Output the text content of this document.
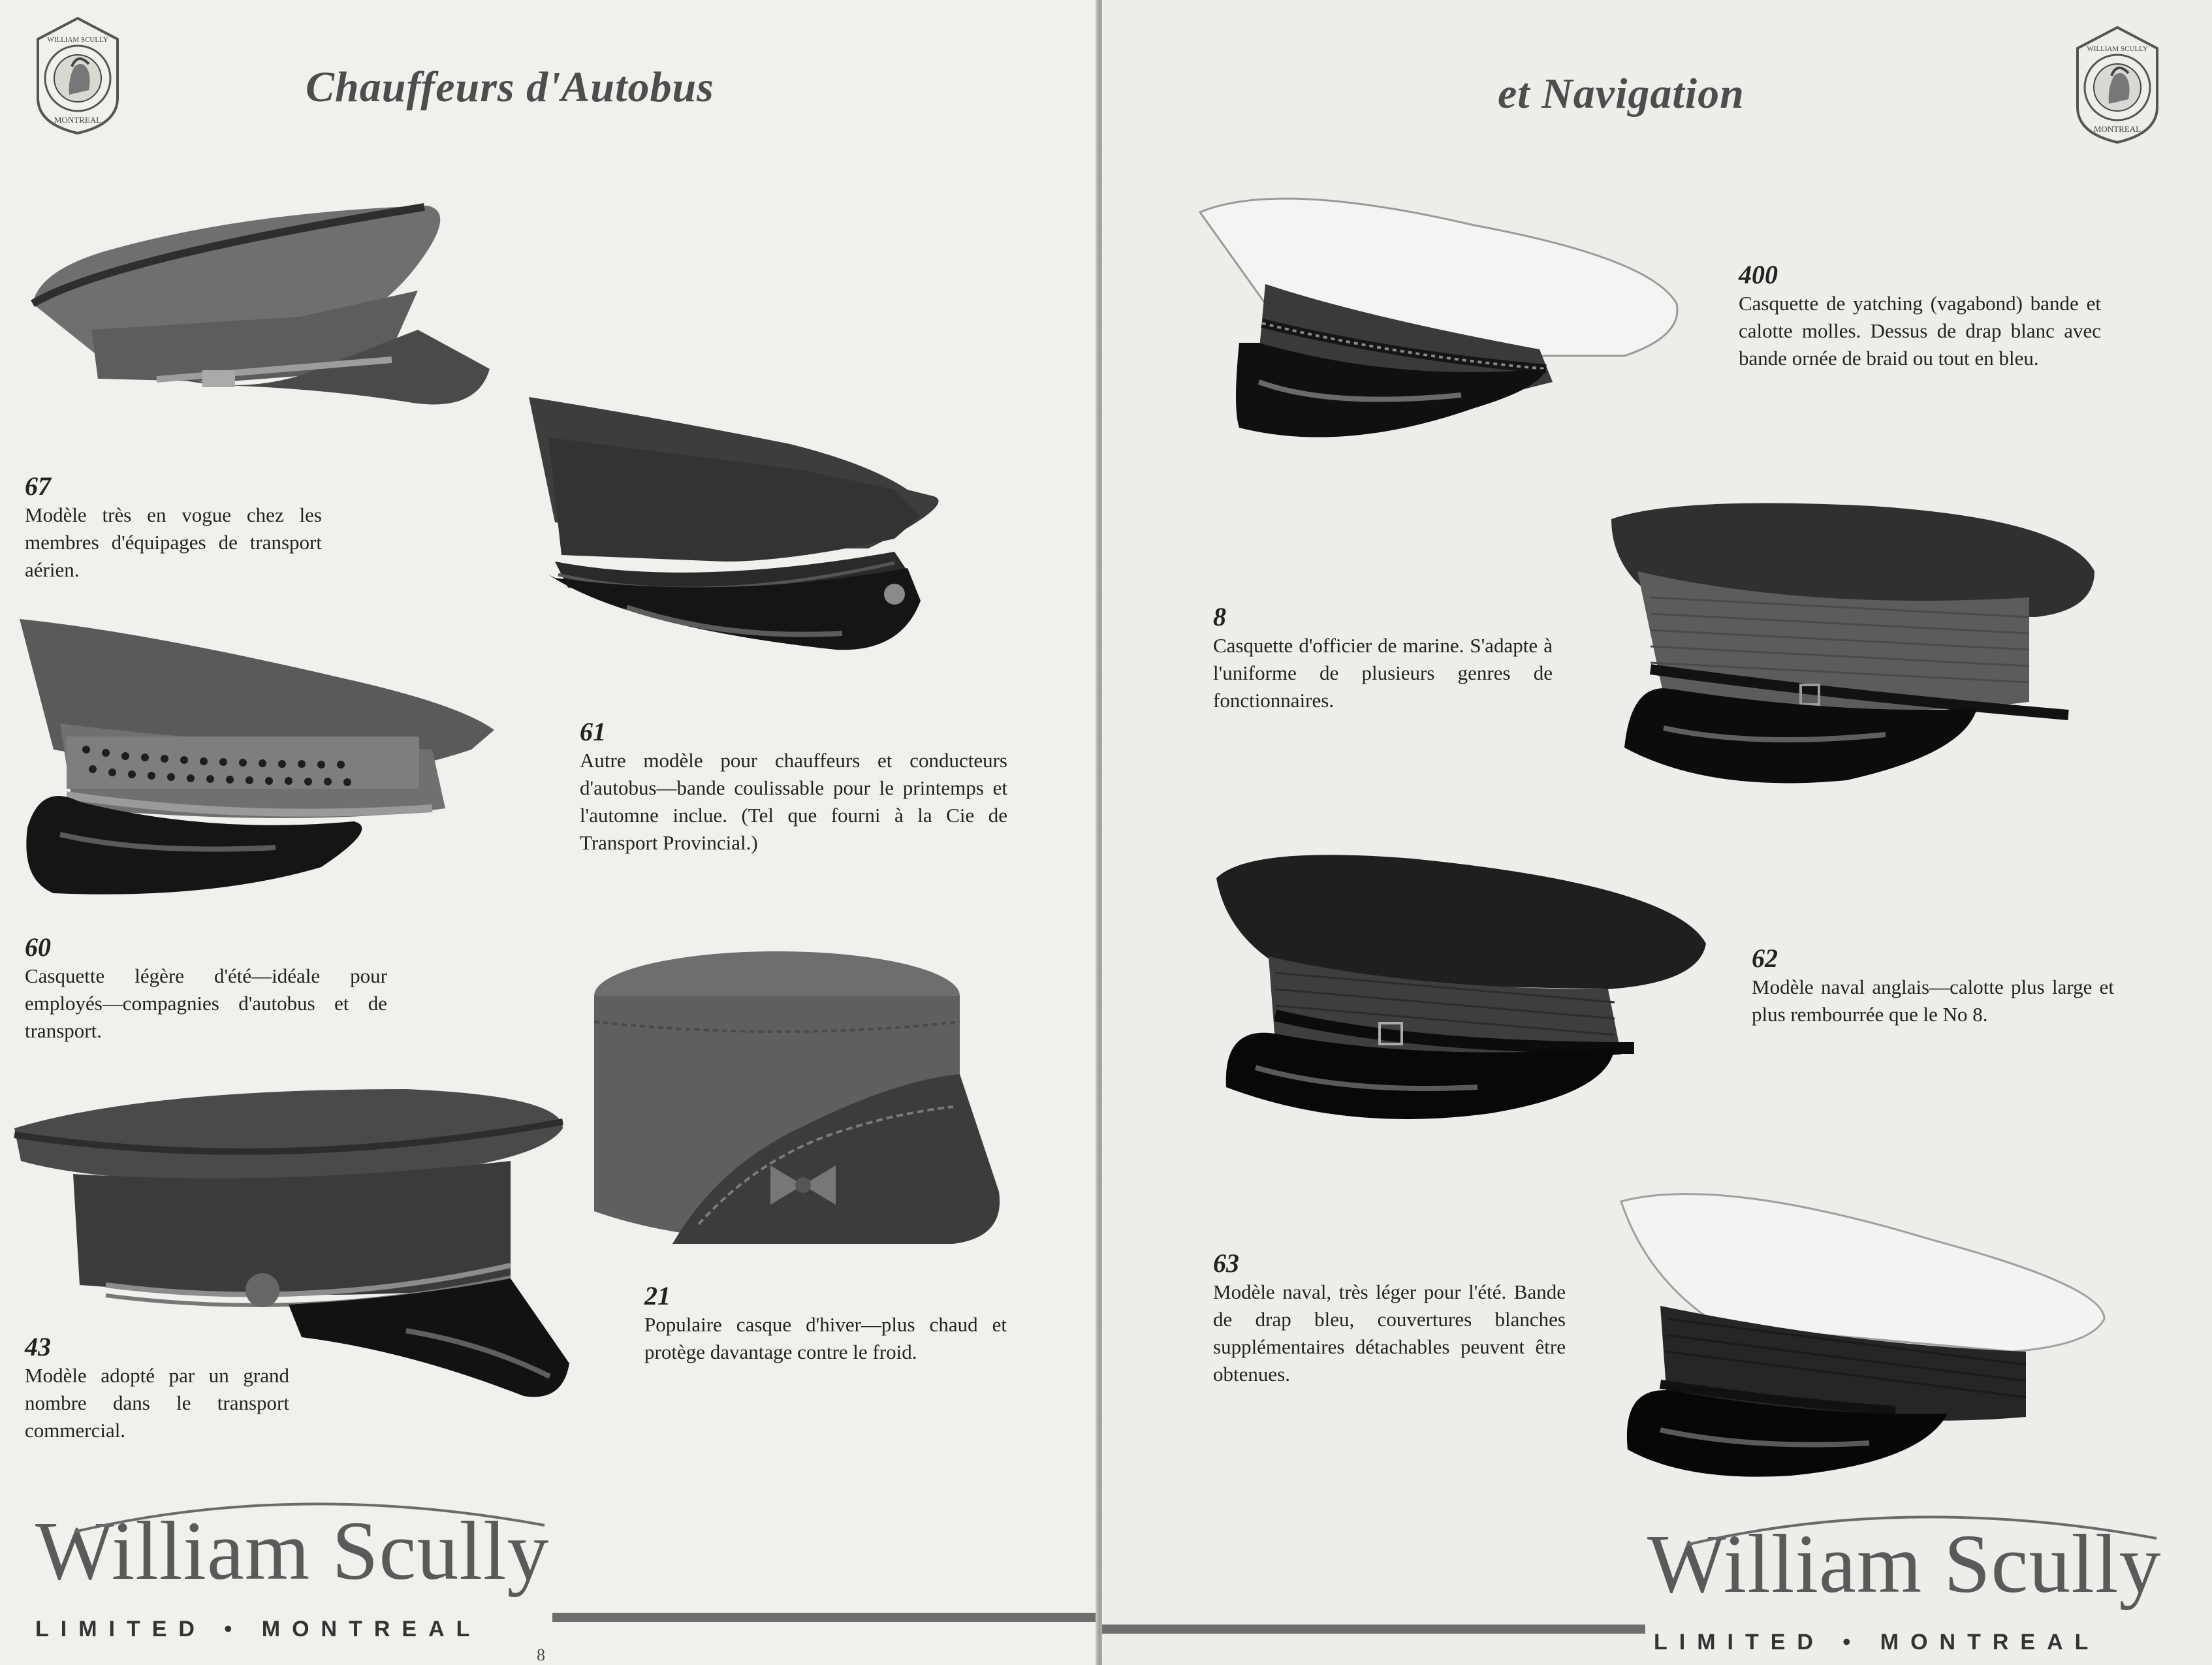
WILLIAM SCULLY
MONTREAL
Chauffeurs d'Autobus
67
Modèle très en vogue chez les membres d'équipages de transport aérien.
61
Autre modèle pour chauffeurs et conducteurs d'autobus—bande coulissable pour le printemps et l'automne inclue. (Tel que fourni à la Cie de Transport Provincial.)
60
Casquette légère d'été—idéale pour employés—compagnies d'autobus et de transport.
21
Populaire casque d'hiver—plus chaud et protège davantage contre le froid.
43
Modèle adopté par un grand nombre dans le transport commercial.
William Scully
LIMITED • MONTREAL
8
et Navigation
WILLIAM SCULLY
MONTREAL
400
Casquette de yatching (vagabond) bande et calotte molles. Dessus de drap blanc avec bande ornée de braid ou tout en bleu.
8
Casquette d'officier de marine. S'adapte à l'uniforme de plusieurs genres de fonctionnaires.
62
Modèle naval anglais—calotte plus large et plus rembourrée que le No 8.
63
Modèle naval, très léger pour l'été. Bande de drap bleu, couvertures blanches supplémentaires détachables peuvent être obtenues.
William Scully
LIMITED • MONTREAL
